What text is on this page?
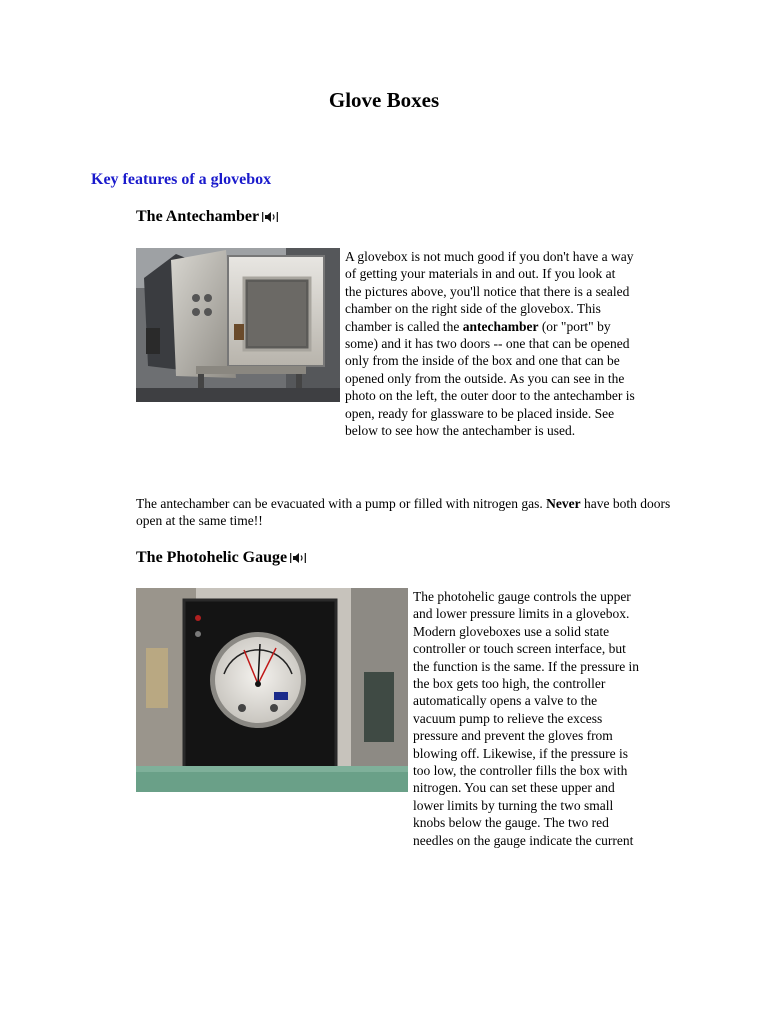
Glove Boxes
Key features of a glovebox
The Antechamber
A glovebox is not much good if you don't have a way of getting your materials in and out. If you look at the pictures above, you'll notice that there is a sealed chamber on the right side of the glovebox. This chamber is called the antechamber (or "port" by some) and it has two doors -- one that can be opened only from the inside of the box and one that can be opened only from the outside. As you can see in the photo on the left, the outer door to the antechamber is open, ready for glassware to be placed inside. See below to see how the antechamber is used.
The antechamber can be evacuated with a pump or filled with nitrogen gas. Never have both doors open at the same time!!
The Photohelic Gauge
The photohelic gauge controls the upper and lower pressure limits in a glovebox. Modern gloveboxes use a solid state controller or touch screen interface, but the function is the same. If the pressure in the box gets too high, the controller automatically opens a valve to the vacuum pump to relieve the excess pressure and prevent the gloves from blowing off. Likewise, if the pressure is too low, the controller fills the box with nitrogen. You can set these upper and lower limits by turning the two small knobs below the gauge. The two red needles on the gauge indicate the current
